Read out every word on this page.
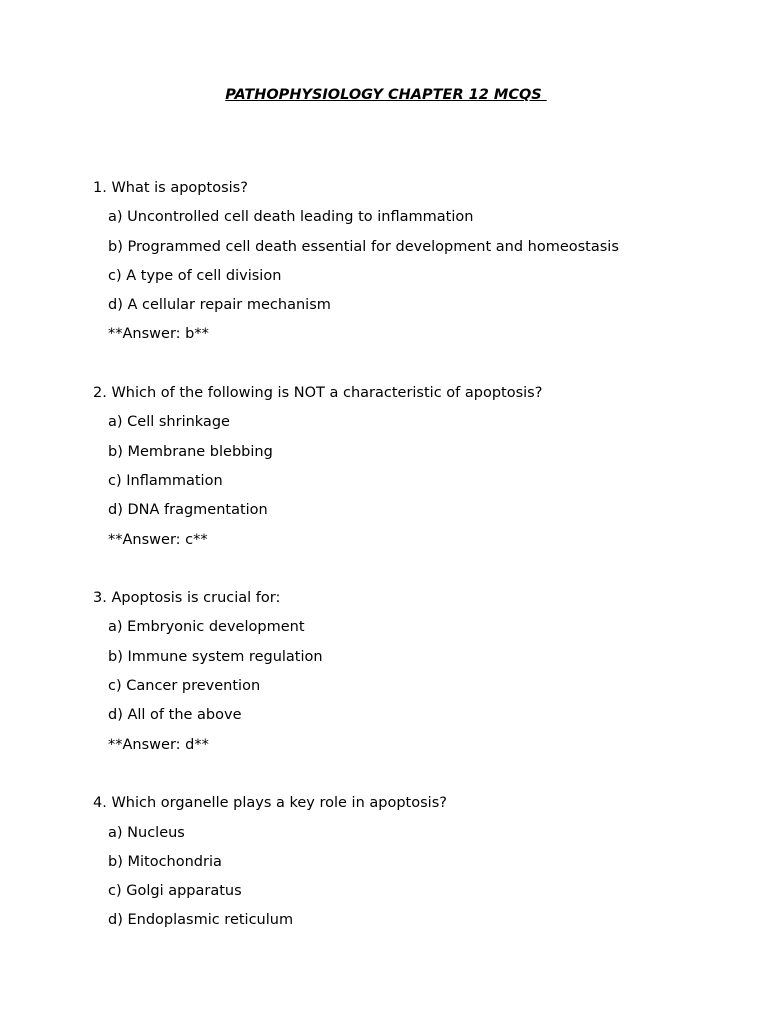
PATHOPHYSIOLOGY CHAPTER 12 MCQS
1. What is apoptosis?
a) Uncontrolled cell death leading to inflammation
b) Programmed cell death essential for development and homeostasis
c) A type of cell division
d) A cellular repair mechanism
**Answer: b**
2. Which of the following is NOT a characteristic of apoptosis?
a) Cell shrinkage
b) Membrane blebbing
c) Inflammation
d) DNA fragmentation
**Answer: c**
3. Apoptosis is crucial for:
a) Embryonic development
b) Immune system regulation
c) Cancer prevention
d) All of the above
**Answer: d**
4. Which organelle plays a key role in apoptosis?
a) Nucleus
b) Mitochondria
c) Golgi apparatus
d) Endoplasmic reticulum
